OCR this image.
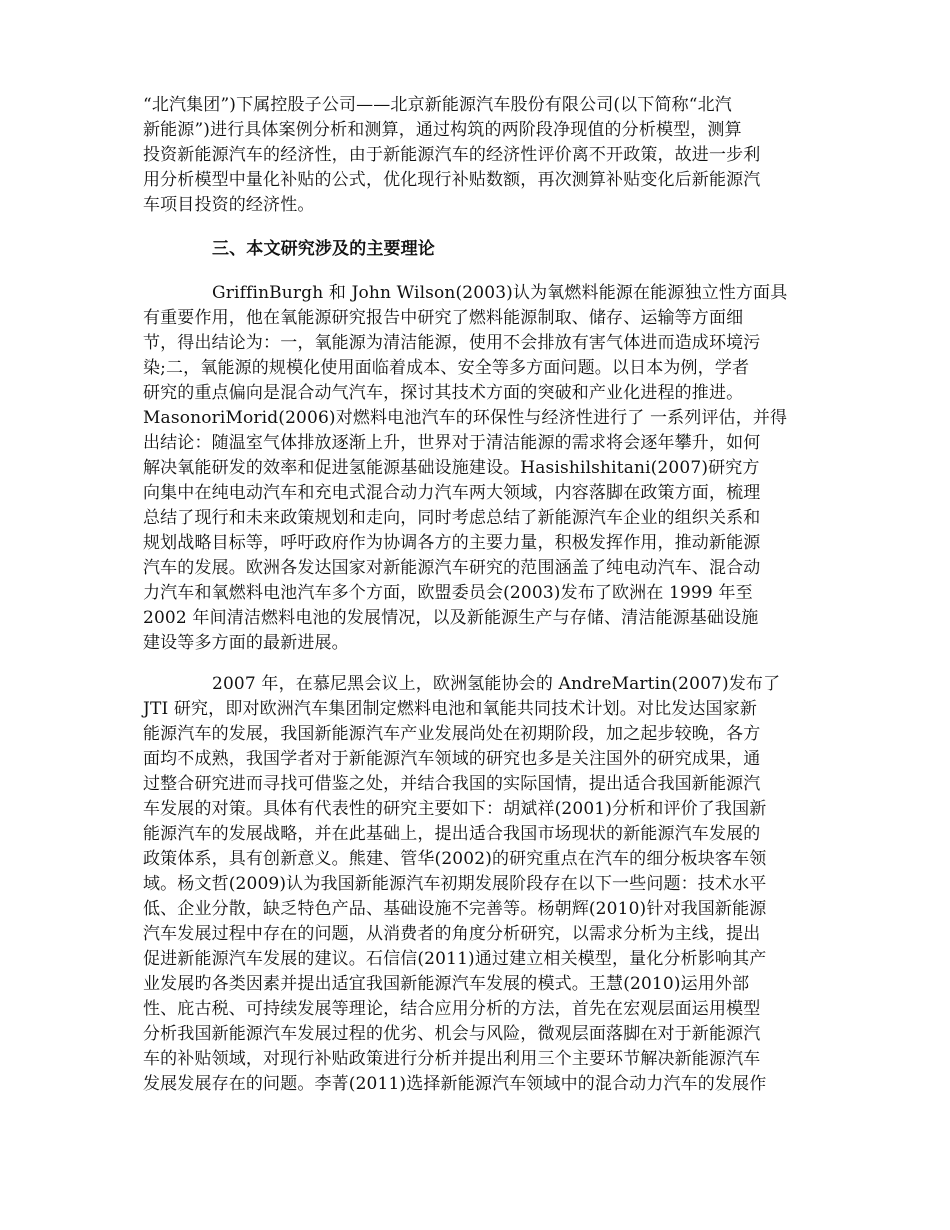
“北汽集团”)下属控股子公司——北京新能源汽车股份有限公司(以下简称“北汽
新能源”)进行具体案例分析和测算，通过构筑的两阶段净现值的分析模型，测算
投资新能源汽车的经济性，由于新能源汽车的经济性评价离不开政策，故进一步利
用分析模型中量化补贴的公式，优化现行补贴数额，再次测算补贴变化后新能源汽
车项目投资的经济性。
三、本文研究涉及的主要理论
GriffinBurgh 和 John Wilson(2003)认为氧燃料能源在能源独立性方面具
有重要作用，他在氧能源研究报告中研究了燃料能源制取、储存、运输等方面细
节，得出结论为：一，氧能源为清洁能源，使用不会排放有害气体进而造成环境污
染;二，氧能源的规模化使用面临着成本、安全等多方面问题。以日本为例，学者
研究的重点偏向是混合动气汽车，探讨其技术方面的突破和产业化进程的推进。
MasonoriMorid(2006)对燃料电池汽车的环保性与经济性进行了 一系列评估，并得
出结论：随温室气体排放逐渐上升，世界对于清洁能源的需求将会逐年攀升，如何
解决氧能研发的效率和促进氢能源基础设施建设。Hasishilshitani(2007)研究方
向集中在纯电动汽车和充电式混合动力汽车两大领域，内容落脚在政策方面，梳理
总结了现行和未来政策规划和走向，同时考虑总结了新能源汽车企业的组织关系和
规划战略目标等，呼吁政府作为协调各方的主要力量，积极发挥作用，推动新能源
汽车的发展。欧洲各发达国家对新能源汽车研究的范围涵盖了纯电动汽车、混合动
力汽车和氧燃料电池汽车多个方面，欧盟委员会(2003)发布了欧洲在 1999 年至
2002 年间清洁燃料电池的发展情况，以及新能源生产与存储、清洁能源基础设施
建设等多方面的最新进展。
2007 年，在慕尼黑会议上，欧洲氢能协会的 AndreMartin(2007)发布了
JTI 研究，即对欧洲汽车集团制定燃料电池和氧能共同技术计划。对比发达国家新
能源汽车的发展，我国新能源汽车产业发展尚处在初期阶段，加之起步较晚，各方
面均不成熟，我国学者对于新能源汽车领域的研究也多是关注国外的研究成果，通
过整合研究进而寻找可借鉴之处，并结合我国的实际国情，提出适合我国新能源汽
车发展的对策。具体有代表性的研究主要如下：胡斌祥(2001)分析和评价了我国新
能源汽车的发展战略，并在此基础上，提出适合我国市场现状的新能源汽车发展的
政策体系，具有创新意义。熊建、管华(2002)的研究重点在汽车的细分板块客车领
域。杨文哲(2009)认为我国新能源汽车初期发展阶段存在以下一些问题：技术水平
低、企业分散，缺乏特色产品、基础设施不完善等。杨朝辉(2010)针对我国新能源
汽车发展过程中存在的问题，从消费者的角度分析研究，以需求分析为主线，提出
促进新能源汽车发展的建议。石信信(2011)通过建立相关模型，量化分析影响其产
业发展旳各类因素并提出适宜我国新能源汽车发展的模式。王慧(2010)运用外部
性、庇古税、可持续发展等理论，结合应用分析的方法，首先在宏观层面运用模型
分析我国新能源汽车发展过程的优劣、机会与风险，微观层面落脚在对于新能源汽
车的补贴领域，对现行补贴政策进行分析并提出利用三个主要环节解决新能源汽车
发展发展存在的问题。李菁(2011)选择新能源汽车领域中的混合动力汽车的发展作
